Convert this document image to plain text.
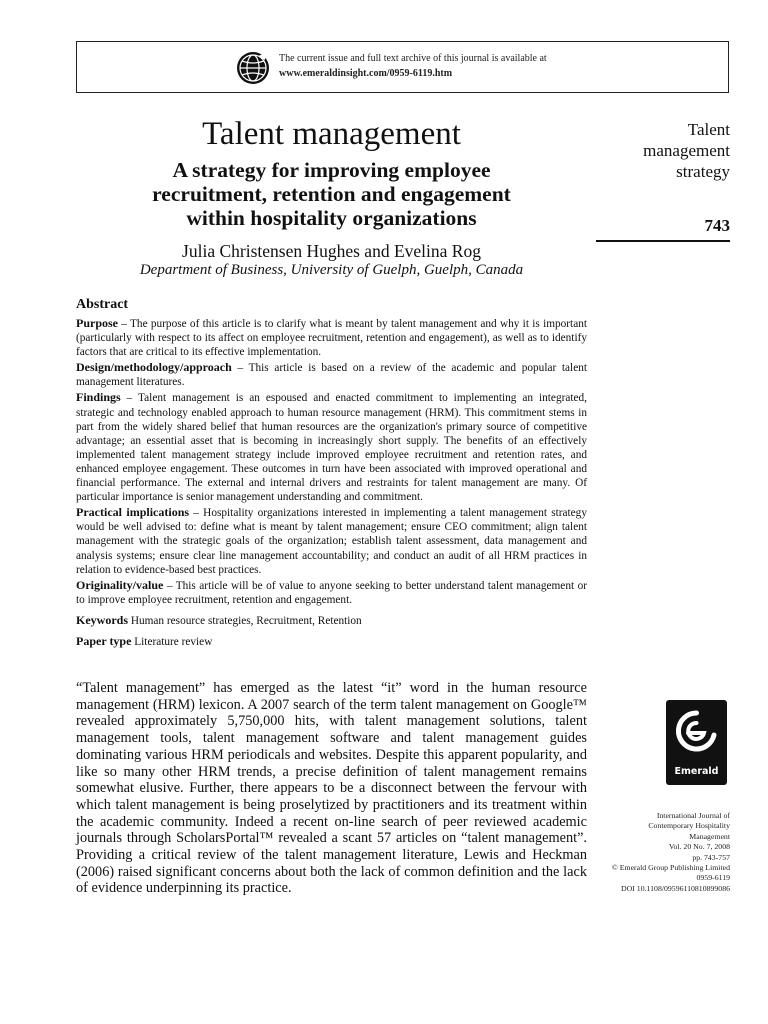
The current issue and full text archive of this journal is available at
www.emeraldinsight.com/0959-6119.htm
Talent management
A strategy for improving employee
recruitment, retention and engagement
within hospitality organizations
Julia Christensen Hughes and Evelina Rog
Department of Business, University of Guelph, Guelph, Canada
Talent
management
strategy
743
Abstract

Purpose – The purpose of this article is to clarify what is meant by talent management and why it is important (particularly with respect to its affect on employee recruitment, retention and engagement), as well as to identify factors that are critical to its effective implementation.

Design/methodology/approach – This article is based on a review of the academic and popular talent management literatures.

Findings – Talent management is an espoused and enacted commitment to implementing an integrated, strategic and technology enabled approach to human resource management (HRM). This commitment stems in part from the widely shared belief that human resources are the organization's primary source of competitive advantage; an essential asset that is becoming in increasingly short supply. The benefits of an effectively implemented talent management strategy include improved employee recruitment and retention rates, and enhanced employee engagement. These outcomes in turn have been associated with improved operational and financial performance. The external and internal drivers and restraints for talent management are many. Of particular importance is senior management understanding and commitment.

Practical implications – Hospitality organizations interested in implementing a talent management strategy would be well advised to: define what is meant by talent management; ensure CEO commitment; align talent management with the strategic goals of the organization; establish talent assessment, data management and analysis systems; ensure clear line management accountability; and conduct an audit of all HRM practices in relation to evidence-based best practices.

Originality/value – This article will be of value to anyone seeking to better understand talent management or to improve employee recruitment, retention and engagement.

Keywords Human resource strategies, Recruitment, Retention

Paper type Literature review

“Talent management” has emerged as the latest “it” word in the human resource management (HRM) lexicon. A 2007 search of the term talent management on Google™ revealed approximately 5,750,000 hits, with talent management solutions, talent management tools, talent management software and talent management guides dominating various HRM periodicals and websites. Despite this apparent popularity, and like so many other HRM trends, a precise definition of talent management remains somewhat elusive. Further, there appears to be a disconnect between the fervour with which talent management is being proselytized by practitioners and its treatment within the academic community. Indeed a recent on-line search of peer reviewed academic journals through ScholarsPortal™ revealed a scant 57 articles on “talent management”. Providing a critical review of the talent management literature, Lewis and Heckman (2006) raised significant concerns about both the lack of common definition and the lack of evidence underpinning its practice.

Emerald
International Journal of
Contemporary Hospitality
Management
Vol. 20 No. 7, 2008
pp. 743-757
© Emerald Group Publishing Limited
0959-6119
DOI 10.1108/09596110810899086
